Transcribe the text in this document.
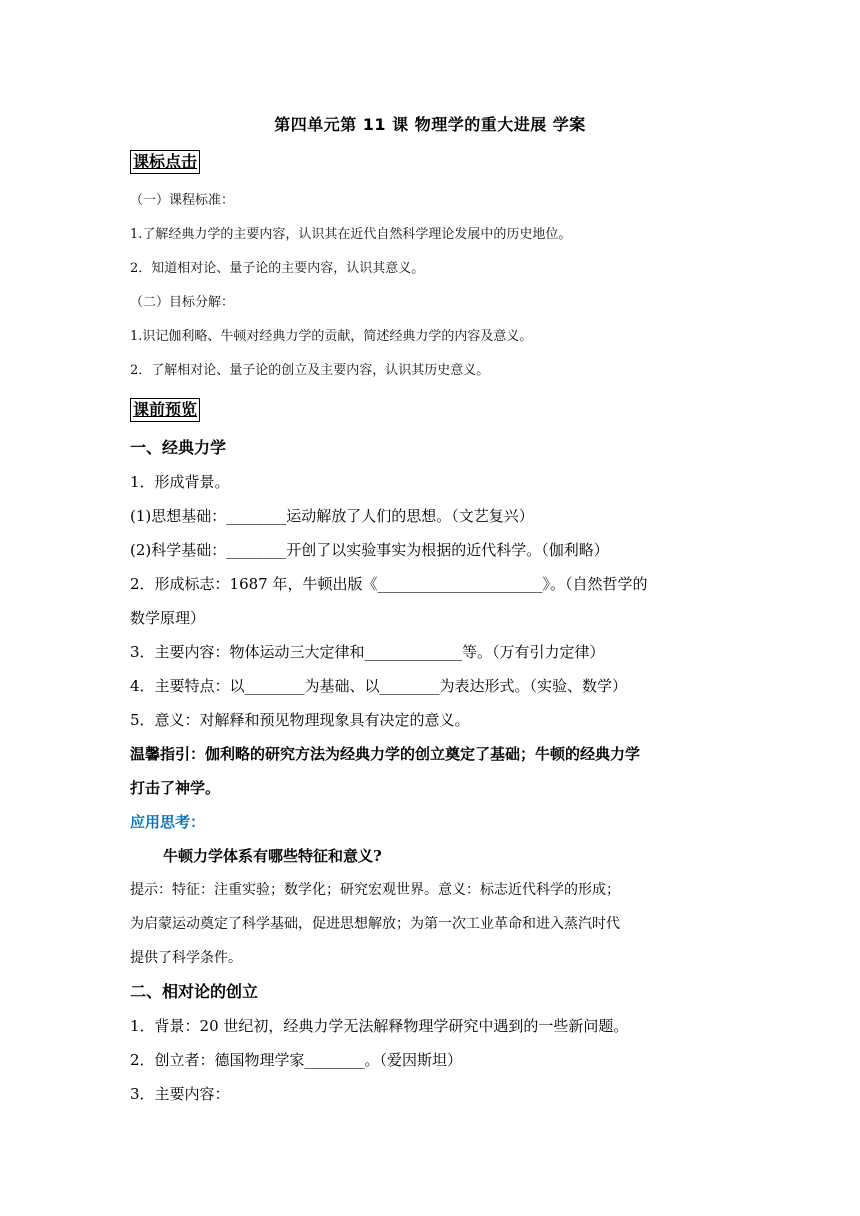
第四单元第 11 课 物理学的重大进展 学案
课标点击
（一）课程标准：
1.了解经典力学的主要内容，认识其在近代自然科学理论发展中的历史地位。
2．知道相对论、量子论的主要内容，认识其意义。
（二）目标分解：
1.识记伽利略、牛顿对经典力学的贡献，简述经典力学的内容及意义。
2．了解相对论、量子论的创立及主要内容，认识其历史意义。
课前预览
一、经典力学
1．形成背景。
(1)思想基础：________运动解放了人们的思想。（文艺复兴）
(2)科学基础：________开创了以实验事实为根据的近代科学。（伽利略）
2．形成标志：1687 年，牛顿出版《______________________》。（自然哲学的
数学原理）
3．主要内容：物体运动三大定律和_____________等。（万有引力定律）
4．主要特点：以________为基础、以________为表达形式。（实验、数学）
5．意义：对解释和预见物理现象具有决定的意义。
温馨指引：伽利略的研究方法为经典力学的创立奠定了基础；牛顿的经典力学
打击了神学。
应用思考：
牛顿力学体系有哪些特征和意义?
提示：特征：注重实验；数学化；研究宏观世界。意义：标志近代科学的形成；
为启蒙运动奠定了科学基础，促进思想解放；为第一次工业革命和进入蒸汽时代
提供了科学条件。
二、相对论的创立
1．背景：20 世纪初，经典力学无法解释物理学研究中遇到的一些新问题。
2．创立者：德国物理学家________。（爱因斯坦）
3．主要内容：
